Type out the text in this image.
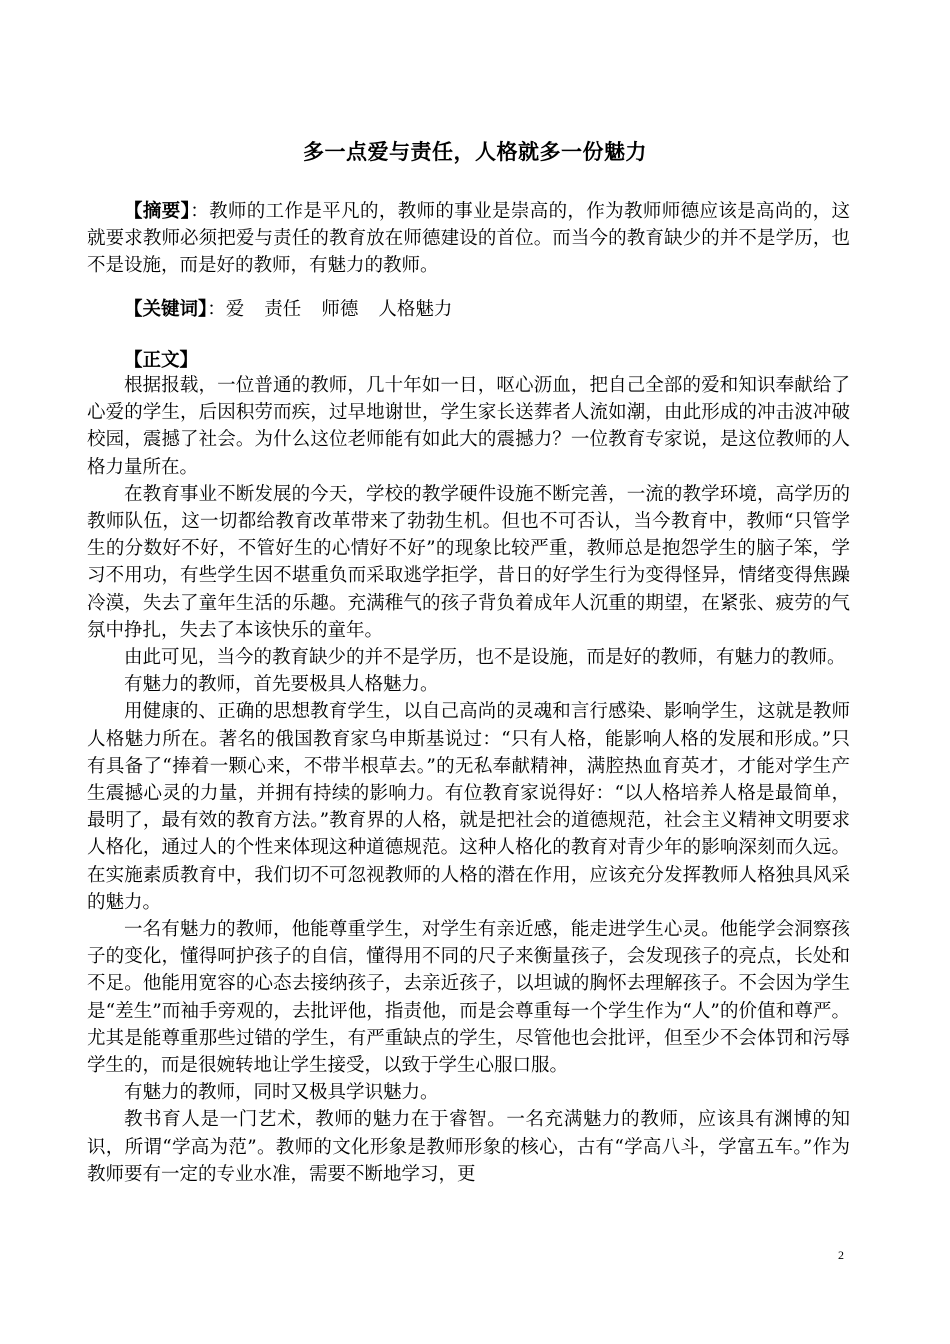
多一点爱与责任，人格就多一份魅力

【摘要】：教师的工作是平凡的，教师的事业是崇高的，作为教师师德应该是高尚的，这就要求教师必须把爱与责任的教育放在师德建设的首位。而当今的教育缺少的并不是学历，也不是设施，而是好的教师，有魅力的教师。

【关键词】：爱 责任 师德 人格魅力

【正文】

根据报载，一位普通的教师，几十年如一日，呕心沥血，把自己全部的爱和知识奉献给了心爱的学生，后因积劳而疾，过早地谢世，学生家长送葬者人流如潮，由此形成的冲击波冲破校园，震撼了社会。为什么这位老师能有如此大的震撼力？一位教育专家说，是这位教师的人格力量所在。

在教育事业不断发展的今天，学校的教学硬件设施不断完善，一流的教学环境，高学历的教师队伍，这一切都给教育改革带来了勃勃生机。但也不可否认，当今教育中，教师“只管学生的分数好不好，不管好生的心情好不好”的现象比较严重，教师总是抱怨学生的脑子笨，学习不用功，有些学生因不堪重负而采取逃学拒学，昔日的好学生行为变得怪异，情绪变得焦躁冷漠，失去了童年生活的乐趣。充满稚气的孩子背负着成年人沉重的期望，在紧张、疲劳的气氛中挣扎，失去了本该快乐的童年。

由此可见，当今的教育缺少的并不是学历，也不是设施，而是好的教师，有魅力的教师。

有魅力的教师，首先要极具人格魅力。

用健康的、正确的思想教育学生，以自己高尚的灵魂和言行感染、影响学生，这就是教师人格魅力所在。著名的俄国教育家乌申斯基说过：“只有人格，能影响人格的发展和形成。”只有具备了“捧着一颗心来，不带半根草去。”的无私奉献精神，满腔热血育英才，才能对学生产生震撼心灵的力量，并拥有持续的影响力。有位教育家说得好：“以人格培养人格是最简单，最明了，最有效的教育方法。”教育界的人格，就是把社会的道德规范，社会主义精神文明要求人格化，通过人的个性来体现这种道德规范。这种人格化的教育对青少年的影响深刻而久远。在实施素质教育中，我们切不可忽视教师的人格的潜在作用，应该充分发挥教师人格独具风采的魅力。

一名有魅力的教师，他能尊重学生，对学生有亲近感，能走进学生心灵。他能学会洞察孩子的变化，懂得呵护孩子的自信，懂得用不同的尺子来衡量孩子，会发现孩子的亮点，长处和不足。他能用宽容的心态去接纳孩子，去亲近孩子，以坦诚的胸怀去理解孩子。不会因为学生是“差生”而袖手旁观的，去批评他，指责他，而是会尊重每一个学生作为“人”的价值和尊严。尤其是能尊重那些过错的学生，有严重缺点的学生，尽管他也会批评，但至少不会体罚和污辱学生的，而是很婉转地让学生接受，以致于学生心服口服。

有魅力的教师，同时又极具学识魅力。

教书育人是一门艺术，教师的魅力在于睿智。一名充满魅力的教师，应该具有渊博的知识，所谓“学高为范”。教师的文化形象是教师形象的核心，古有“学高八斗，学富五车。”作为教师要有一定的专业水准，需要不断地学习，更

2
